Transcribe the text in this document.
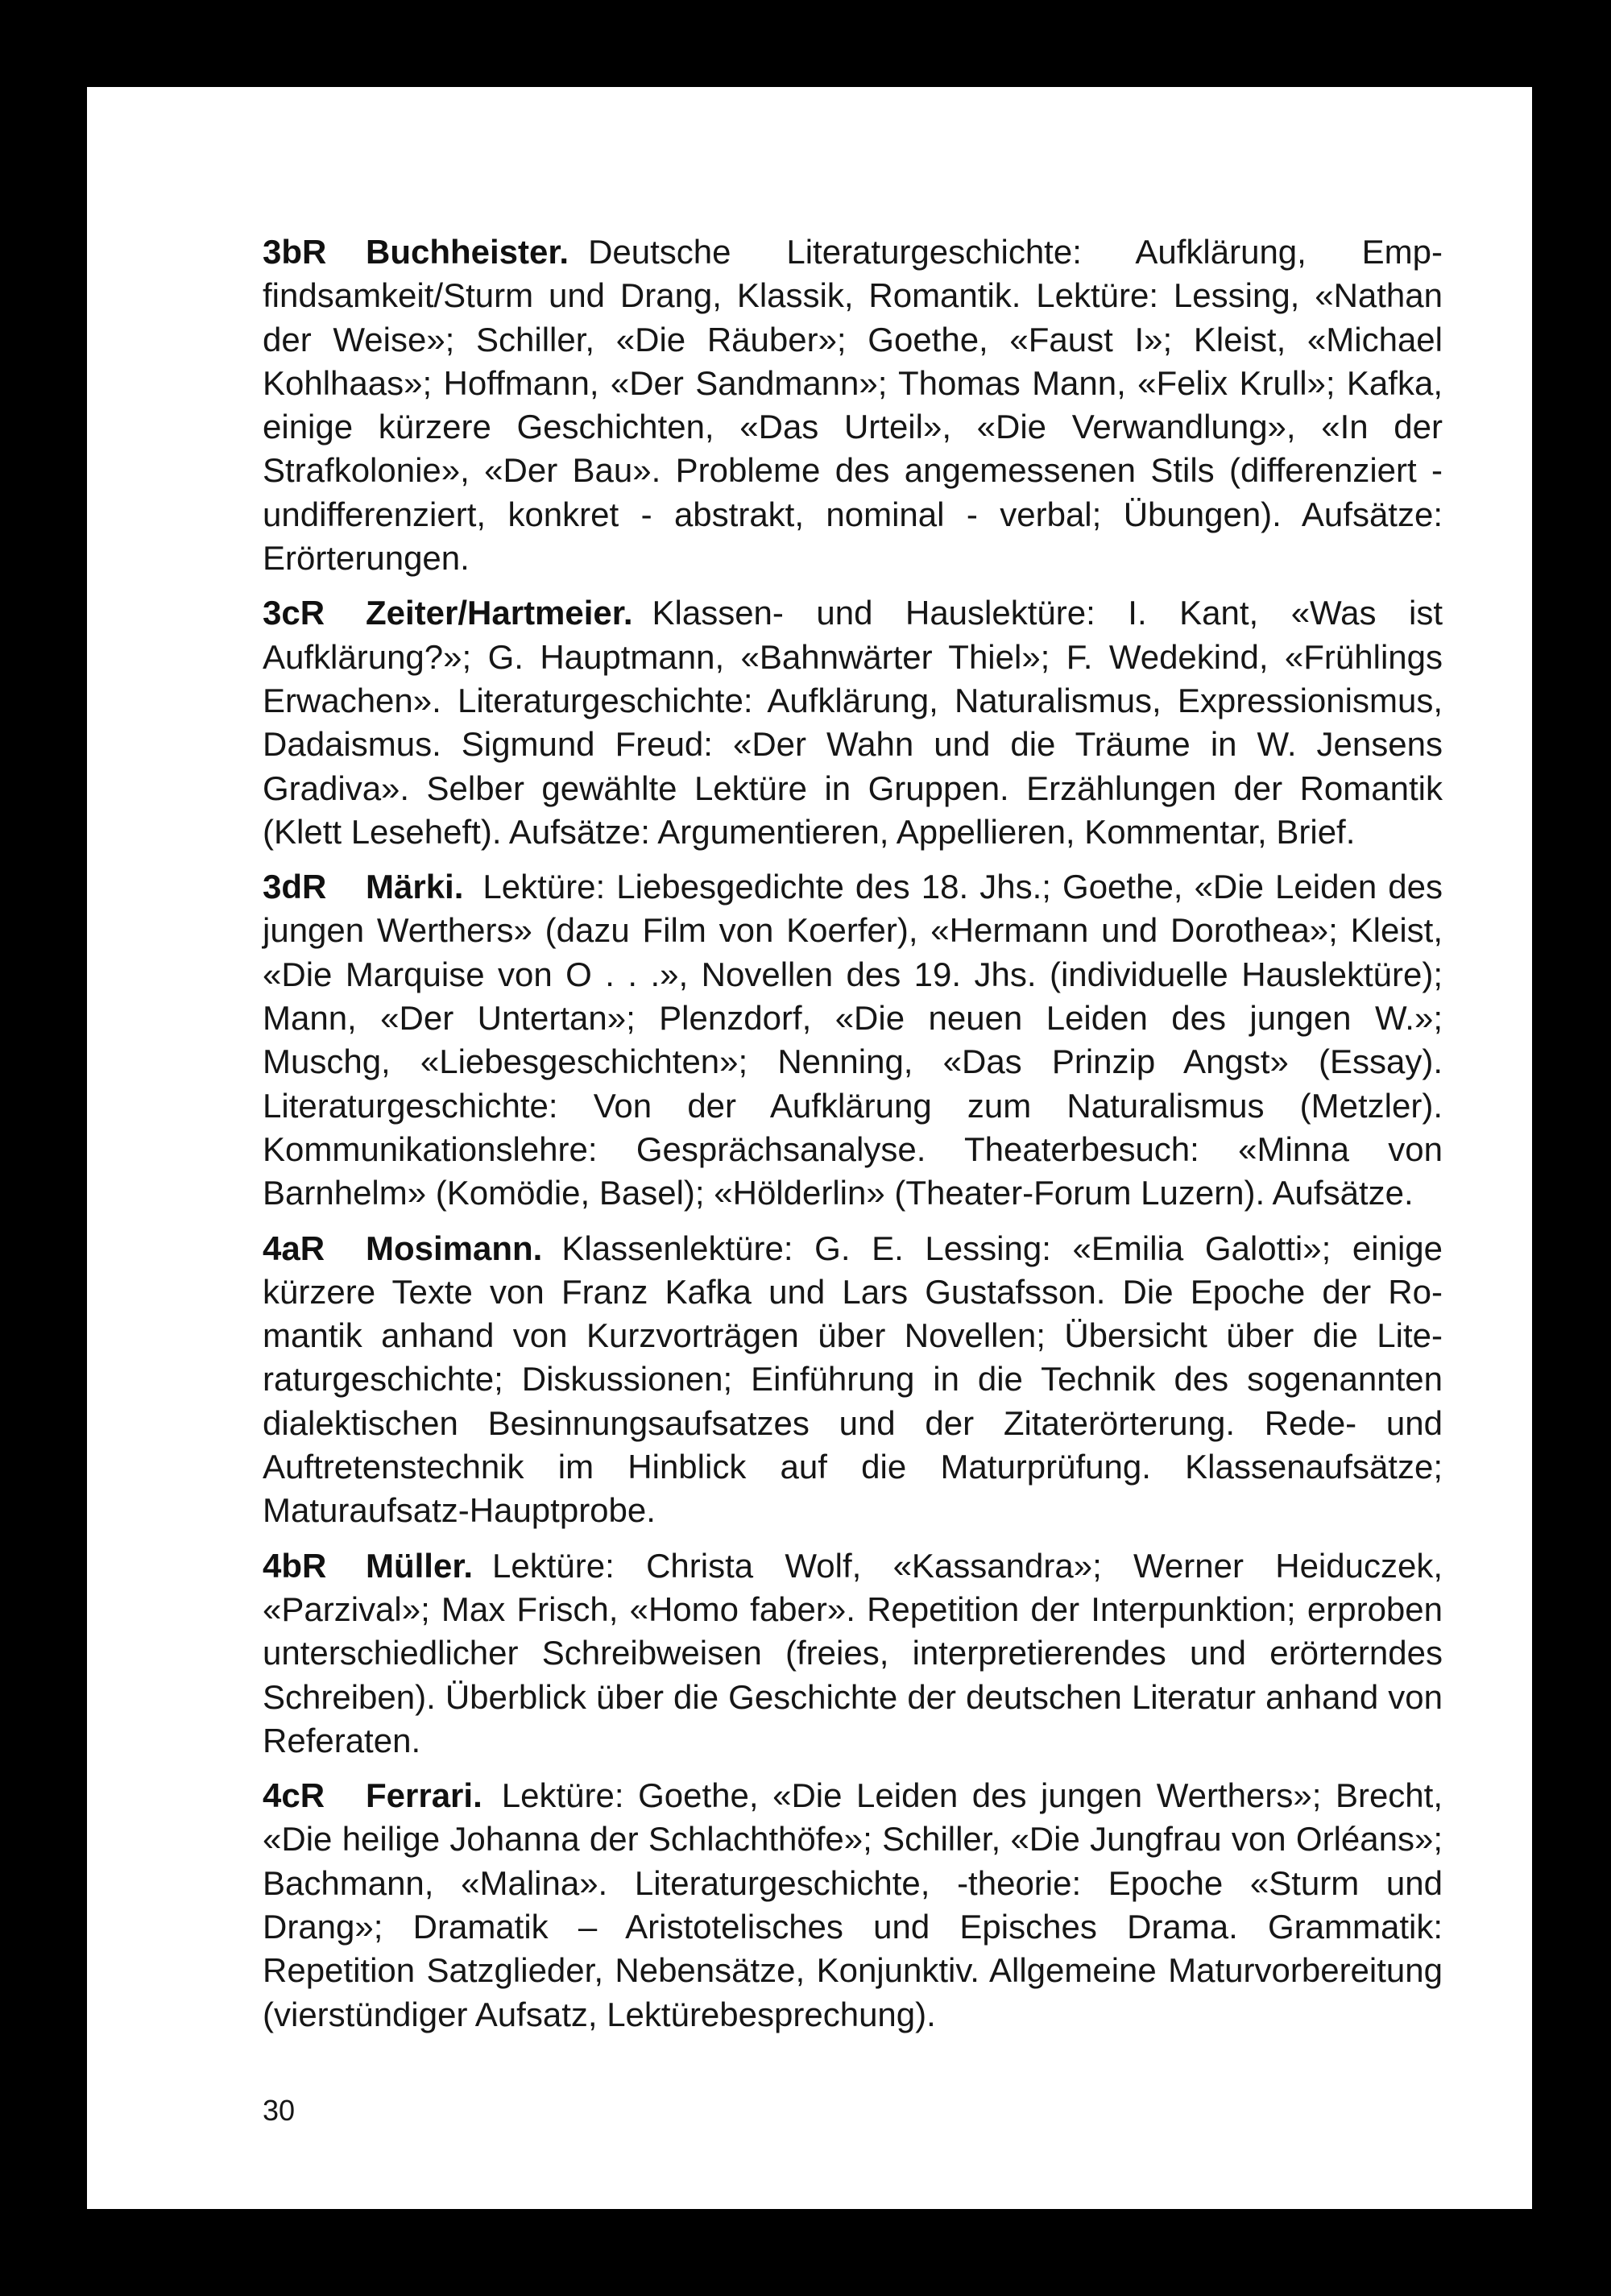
3bR Buchheister. Deutsche Literaturgeschichte: Aufklärung, Empfindsamkeit/Sturm und Drang, Klassik, Romantik. Lektüre: Lessing, «Nathan der Weise»; Schiller, «Die Räuber»; Goethe, «Faust I»; Kleist, «Michael Kohlhaas»; Hoffmann, «Der Sandmann»; Thomas Mann, «Felix Krull»; Kafka, einige kürzere Geschichten, «Das Urteil», «Die Verwandlung», «In der Strafkolonie», «Der Bau». Probleme des angemessenen Stils (differenziert - undifferenziert, konkret - abstrakt, nominal - verbal; Übungen). Aufsätze: Erörterungen.

3cR Zeiter/Hartmeier. Klassen- und Hauslektüre: I. Kant, «Was ist Aufklärung?»; G. Hauptmann, «Bahnwärter Thiel»; F. Wedekind, «Frühlings Erwachen». Literaturgeschichte: Aufklärung, Naturalismus, Expressionismus, Dadaismus. Sigmund Freud: «Der Wahn und die Träume in W. Jensens Gradiva». Selber gewählte Lektüre in Gruppen. Erzählungen der Romantik (Klett Leseheft). Aufsätze: Argumentieren, Appellieren, Kommentar, Brief.

3dR Märki. Lektüre: Liebesgedichte des 18. Jhs.; Goethe, «Die Leiden des jungen Werthers» (dazu Film von Koerfer), «Hermann und Dorothea»; Kleist, «Die Marquise von O . . .», Novellen des 19. Jhs. (individuelle Hauslektüre); Mann, «Der Untertan»; Plenzdorf, «Die neuen Leiden des jungen W.»; Muschg, «Liebesgeschichten»; Nenning, «Das Prinzip Angst» (Essay). Literaturgeschichte: Von der Aufklärung zum Naturalismus (Metzler). Kommunikationslehre: Gesprächsanalyse. Theaterbesuch: «Minna von Barnhelm» (Komödie, Basel); «Hölderlin» (Theater-Forum Luzern). Aufsätze.

4aR Mosimann. Klassenlektüre: G. E. Lessing: «Emilia Galotti»; einige kürzere Texte von Franz Kafka und Lars Gustafsson. Die Epoche der Romantik anhand von Kurzvorträgen über Novellen; Übersicht über die Literaturgeschichte; Diskussionen; Einführung in die Technik des sogenannten dialektischen Besinnungsaufsatzes und der Zitaterörterung. Rede- und Auftretenstechnik im Hinblick auf die Maturprüfung. Klassenaufsätze; Maturaufsatz-Hauptprobe.

4bR Müller. Lektüre: Christa Wolf, «Kassandra»; Werner Heiduczek, «Parzival»; Max Frisch, «Homo faber». Repetition der Interpunktion; erproben unterschiedlicher Schreibweisen (freies, interpretierendes und erörterndes Schreiben). Überblick über die Geschichte der deutschen Literatur anhand von Referaten.

4cR Ferrari. Lektüre: Goethe, «Die Leiden des jungen Werthers»; Brecht, «Die heilige Johanna der Schlachthöfe»; Schiller, «Die Jungfrau von Orléans»; Bachmann, «Malina». Literaturgeschichte, -theorie: Epoche «Sturm und Drang»; Dramatik – Aristotelisches und Episches Drama. Grammatik: Repetition Satzglieder, Nebensätze, Konjunktiv. Allgemeine Maturvorbereitung (vierstündiger Aufsatz, Lektürebesprechung).

30
